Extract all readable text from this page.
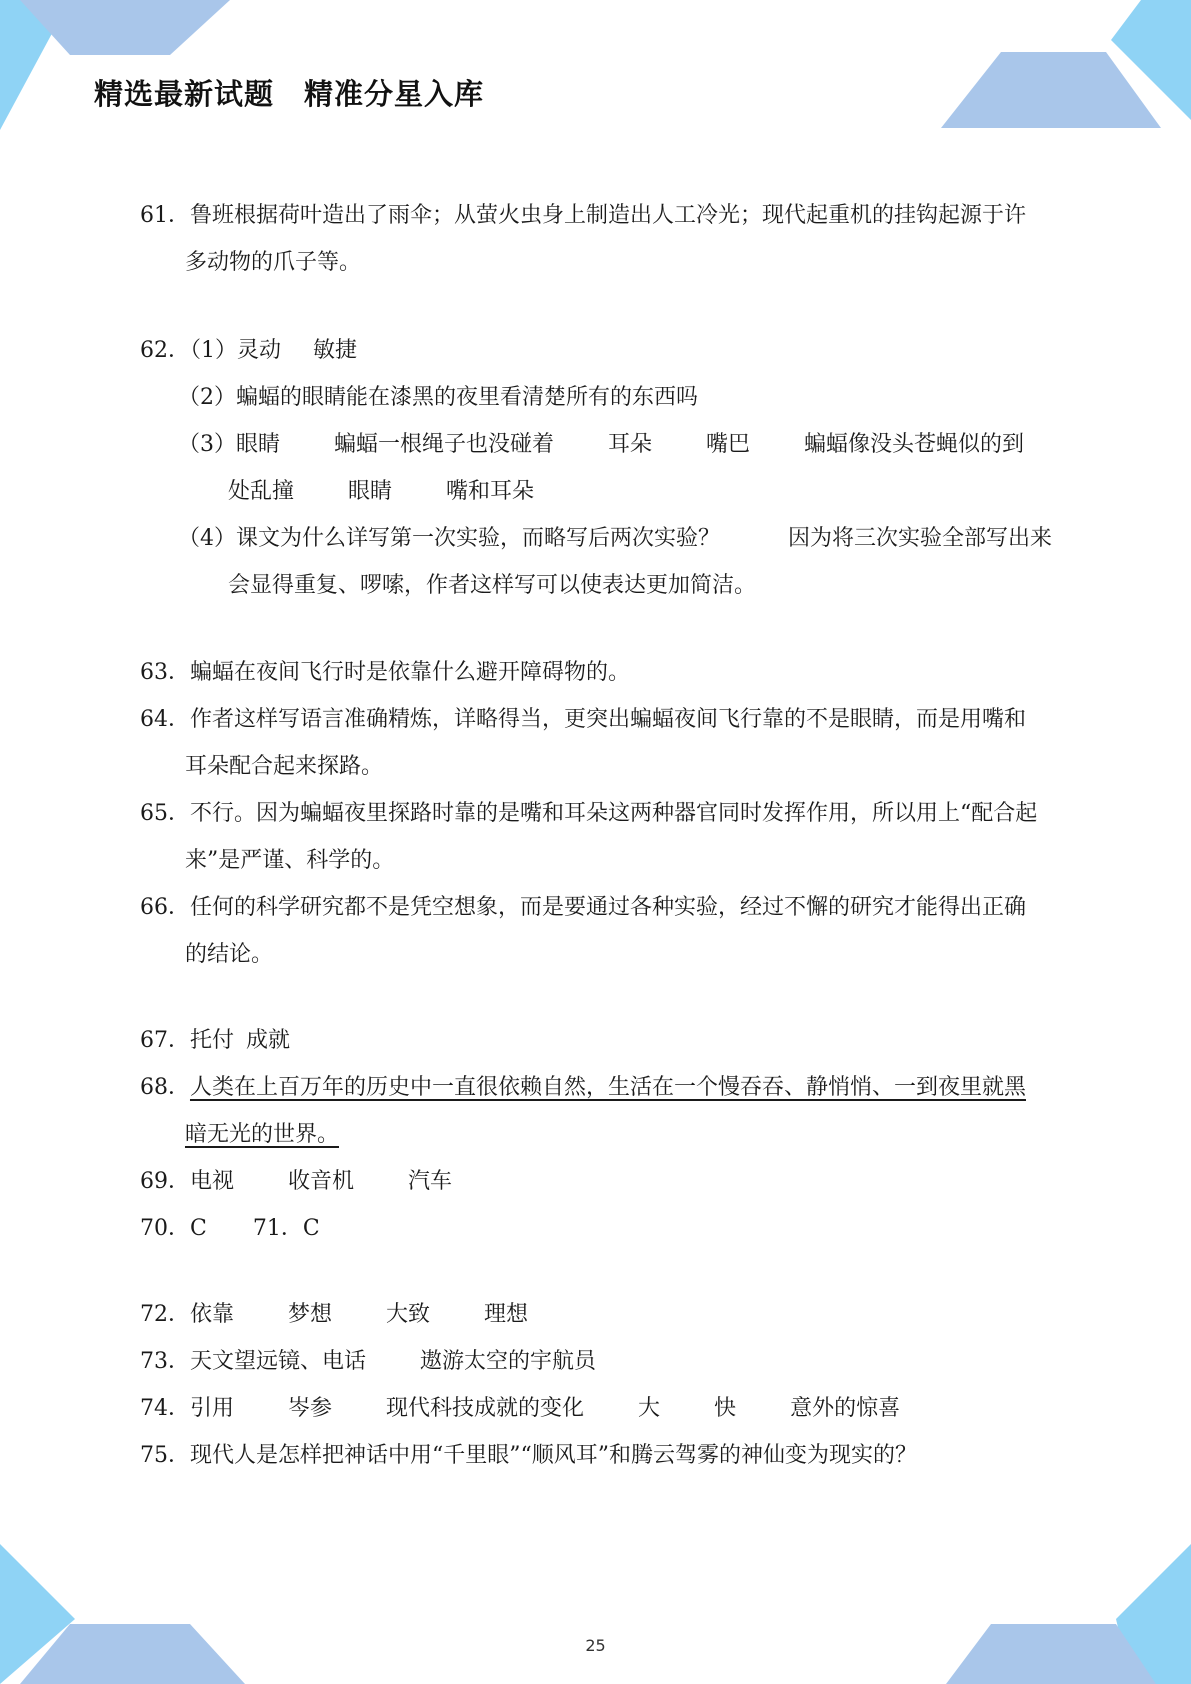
精选最新试题　精准分星入库

61．鲁班根据荷叶造出了雨伞；从萤火虫身上制造出人工冷光；现代起重机的挂钩起源于许

多动物的爪子等。

62．（1）灵动 敏捷

（2）蝙蝠的眼睛能在漆黑的夜里看清楚所有的东西吗

（3）眼睛 蝙蝠一根绳子也没碰着 耳朵 嘴巴 蝙蝠像没头苍蝇似的到

处乱撞 眼睛 嘴和耳朵

（4）课文为什么详写第一次实验，而略写后两次实验？	因为将三次实验全部写出来

会显得重复、啰嗦，作者这样写可以使表达更加简洁。

63．蝙蝠在夜间飞行时是依靠什么避开障碍物的。

64．作者这样写语言准确精炼，详略得当，更突出蝙蝠夜间飞行靠的不是眼睛，而是用嘴和

耳朵配合起来探路。

65．不行。因为蝙蝠夜里探路时靠的是嘴和耳朵这两种器官同时发挥作用，所以用上“配合起

来”是严谨、科学的。

66．任何的科学研究都不是凭空想象，而是要通过各种实验，经过不懈的研究才能得出正确

的结论。

67．托付 成就

68．人类在上百万年的历史中一直很依赖自然，生活在一个慢吞吞、静悄悄、一到夜里就黑

暗无光的世界。

69．电视 收音机 汽车

70．C 71．C

72．依靠 梦想 大致 理想

73．天文望远镜、电话 遨游太空的宇航员

74．引用 岑参 现代科技成就的变化 大 快 意外的惊喜

75．现代人是怎样把神话中用“千里眼”“顺风耳”和腾云驾雾的神仙变为现实的？

25
